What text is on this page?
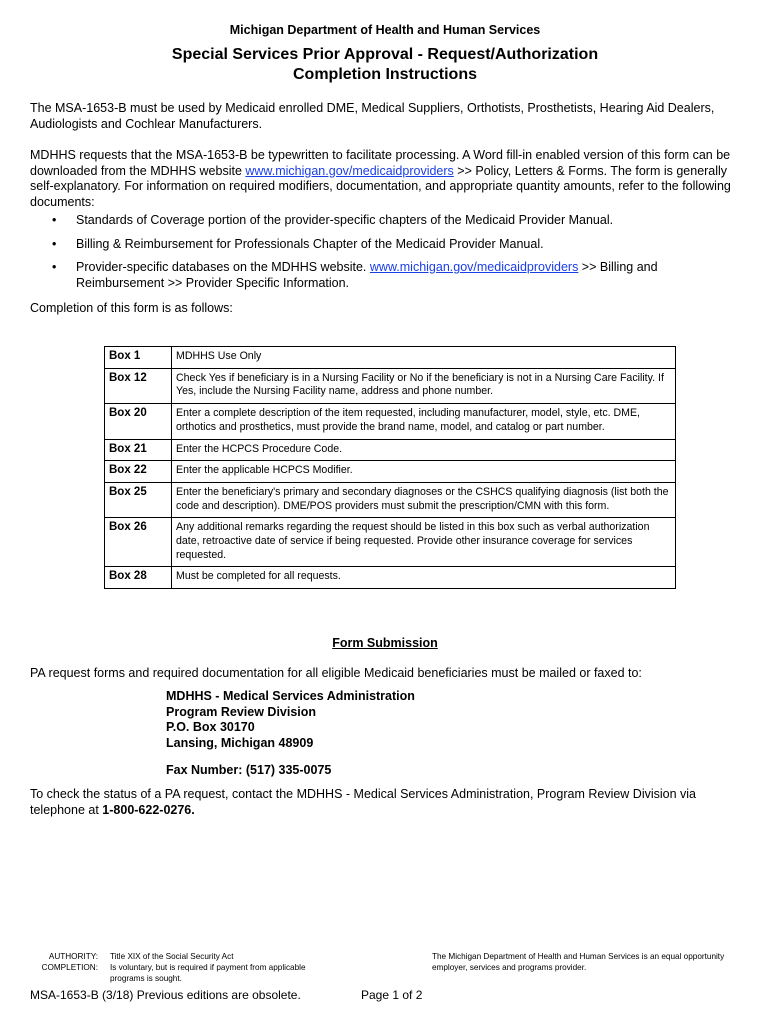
Michigan Department of Health and Human Services
Special Services Prior Approval - Request/Authorization
Completion Instructions
The MSA-1653-B must be used by Medicaid enrolled DME, Medical Suppliers, Orthotists, Prosthetists, Hearing Aid Dealers, Audiologists and Cochlear Manufacturers.
MDHHS requests that the MSA-1653-B be typewritten to facilitate processing. A Word fill-in enabled version of this form can be downloaded from the MDHHS website www.michigan.gov/medicaidproviders >> Policy, Letters & Forms. The form is generally self-explanatory. For information on required modifiers, documentation, and appropriate quantity amounts, refer to the following documents:
• Standards of Coverage portion of the provider-specific chapters of the Medicaid Provider Manual.
• Billing & Reimbursement for Professionals Chapter of the Medicaid Provider Manual.
• Provider-specific databases on the MDHHS website. www.michigan.gov/medicaidproviders >> Billing and Reimbursement >> Provider Specific Information.
Completion of this form is as follows:
Box 1	MDHHS Use Only
Box 12	Check Yes if beneficiary is in a Nursing Facility or No if the beneficiary is not in a Nursing Care Facility. If Yes, include the Nursing Facility name, address and phone number.
Box 20	Enter a complete description of the item requested, including manufacturer, model, style, etc. DME, orthotics and prosthetics, must provide the brand name, model, and catalog or part number.
Box 21	Enter the HCPCS Procedure Code.
Box 22	Enter the applicable HCPCS Modifier.
Box 25	Enter the beneficiary's primary and secondary diagnoses or the CSHCS qualifying diagnosis (list both the code and description). DME/POS providers must submit the prescription/CMN with this form.
Box 26	Any additional remarks regarding the request should be listed in this box such as verbal authorization date, retroactive date of service if being requested. Provide other insurance coverage for services requested.
Box 28	Must be completed for all requests.
Form Submission
PA request forms and required documentation for all eligible Medicaid beneficiaries must be mailed or faxed to:
MDHHS - Medical Services Administration
Program Review Division
P.O. Box 30170
Lansing, Michigan 48909
Fax Number: (517) 335-0075
To check the status of a PA request, contact the MDHHS - Medical Services Administration, Program Review Division via telephone at 1-800-622-0276.
AUTHORITY: Title XIX of the Social Security Act
COMPLETION: Is voluntary, but is required if payment from applicable
programs is sought.
The Michigan Department of Health and Human Services is an equal opportunity
employer, services and programs provider.
MSA-1653-B (3/18) Previous editions are obsolete.	Page 1 of 2
